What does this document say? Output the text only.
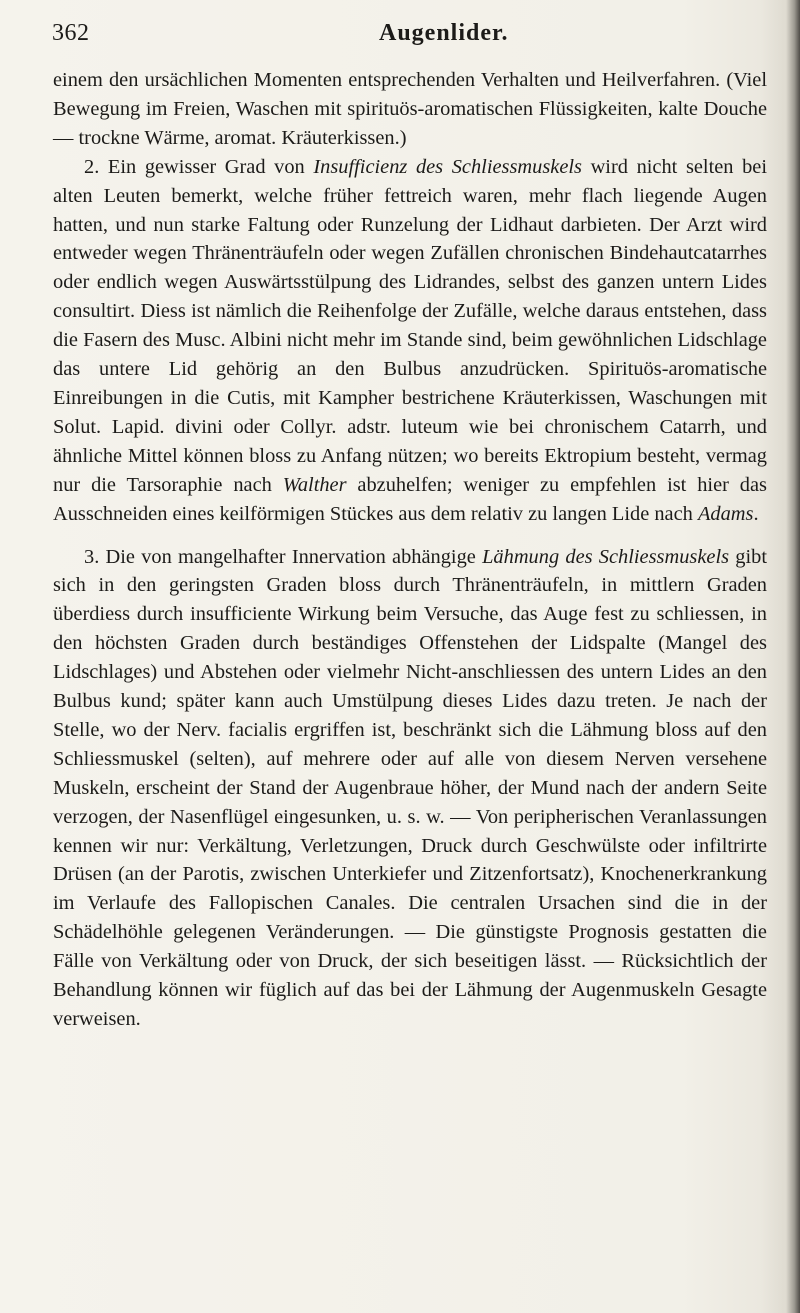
362	Augenlider.

einem den ursächlichen Momenten entsprechenden Verhalten und Heilverfahren. (Viel Bewegung im Freien, Waschen mit spirituös-aromatischen Flüssigkeiten, kalte Douche — trockne Wärme, aromat. Kräuterkissen.)

2. Ein gewisser Grad von Insufficienz des Schliessmuskels wird nicht selten bei alten Leuten bemerkt, welche früher fettreich waren, mehr flach liegende Augen hatten, und nun starke Faltung oder Runzelung der Lidhaut darbieten. Der Arzt wird entweder wegen Thränenträufeln oder wegen Zufällen chronischen Bindehautcatarrhes oder endlich wegen Auswärtsstülpung des Lidrandes, selbst des ganzen untern Lides consultirt. Diess ist nämlich die Reihenfolge der Zufälle, welche daraus entstehen, dass die Fasern des Musc. Albini nicht mehr im Stande sind, beim gewöhnlichen Lidschlage das untere Lid gehörig an den Bulbus anzudrücken. Spirituös-aromatische Einreibungen in die Cutis, mit Kampher bestrichene Kräuterkissen, Waschungen mit Solut. Lapid. divini oder Collyr. adstr. luteum wie bei chronischem Catarrh, und ähnliche Mittel können bloss zu Anfang nützen; wo bereits Ektropium besteht, vermag nur die Tarsoraphie nach Walther abzuhelfen; weniger zu empfehlen ist hier das Ausschneiden eines keilförmigen Stückes aus dem relativ zu langen Lide nach Adams.

3. Die von mangelhafter Innervation abhängige Lähmung des Schliessmuskels gibt sich in den geringsten Graden bloss durch Thränenträufeln, in mittlern Graden überdiess durch insufficiente Wirkung beim Versuche, das Auge fest zu schliessen, in den höchsten Graden durch beständiges Offenstehen der Lidspalte (Mangel des Lidschlages) und Abstehen oder vielmehr Nicht-anschliessen des untern Lides an den Bulbus kund; später kann auch Umstülpung dieses Lides dazu treten. Je nach der Stelle, wo der Nerv. facialis ergriffen ist, beschränkt sich die Lähmung bloss auf den Schliessmuskel (selten), auf mehrere oder auf alle von diesem Nerven versehene Muskeln, erscheint der Stand der Augenbraue höher, der Mund nach der andern Seite verzogen, der Nasenflügel eingesunken, u. s. w. — Von peripherischen Veranlassungen kennen wir nur: Verkältung, Verletzungen, Druck durch Geschwülste oder infiltrirte Drüsen (an der Parotis, zwischen Unterkiefer und Zitzenfortsatz), Knochenerkrankung im Verlaufe des Fallopischen Canales. Die centralen Ursachen sind die in der Schädelhöhle gelegenen Veränderungen. — Die günstigste Prognosis gestatten die Fälle von Verkältung oder von Druck, der sich beseitigen lässt. — Rücksichtlich der Behandlung können wir füglich auf das bei der Lähmung der Augenmuskeln Gesagte verweisen.
